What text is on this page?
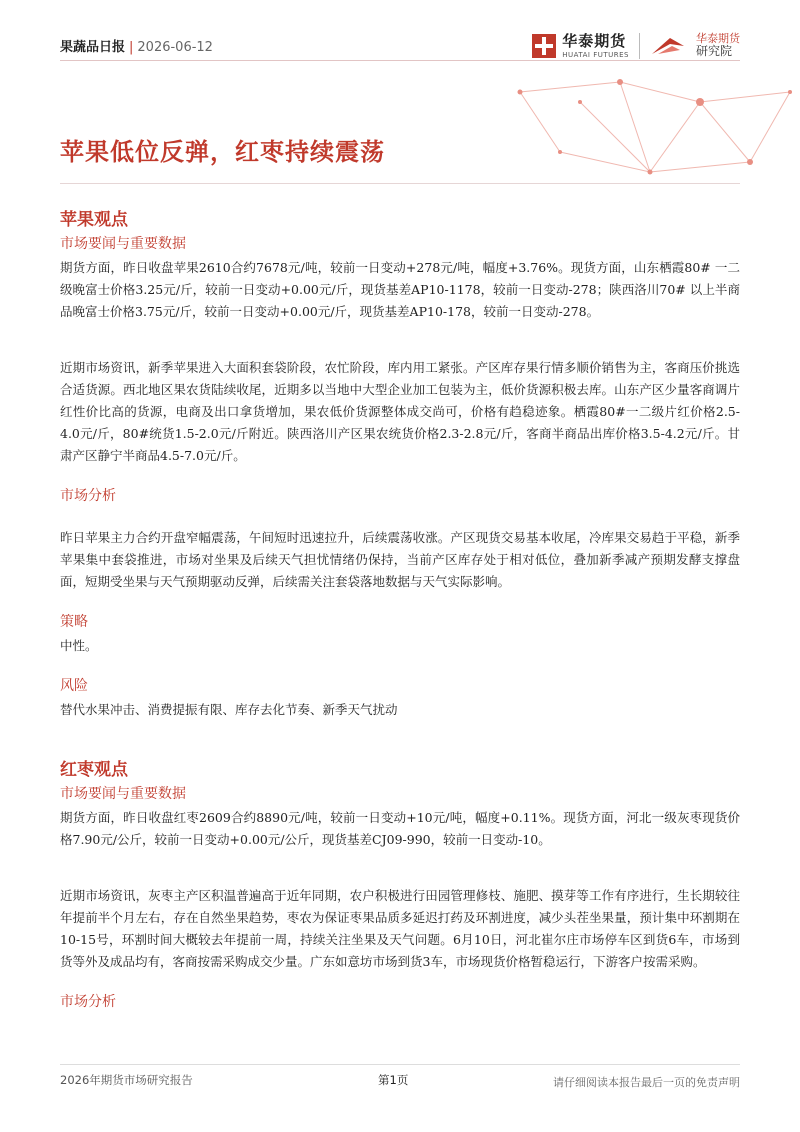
果蔬品日报 | 2026-06-12	华泰期货
HUATAI FUTURES
华泰期货
研究院
苹果低位反弹，红枣持续震荡
苹果观点
市场要闻与重要数据

期货方面，昨日收盘苹果2610合约7678元/吨，较前一日变动+278元/吨，幅度+3.76%。现货方面，山东栖霞80# 一二级晚富士价格3.25元/斤，较前一日变动+0.00元/斤，现货基差AP10-1178，较前一日变动-278；陕西洛川70# 以上半商品晚富士价格3.75元/斤，较前一日变动+0.00元/斤，现货基差AP10-178，较前一日变动-278。

近期市场资讯，新季苹果进入大面积套袋阶段，农忙阶段，库内用工紧张。产区库存果行情多顺价销售为主，客商压价挑选合适货源。西北地区果农货陆续收尾，近期多以当地中大型企业加工包装为主，低价货源积极去库。山东产区少量客商调片红性价比高的货源，电商及出口拿货增加，果农低价货源整体成交尚可，价格有趋稳迹象。栖霞80#一二级片红价格2.5-4.0元/斤，80#统货1.5-2.0元/斤附近。陕西洛川产区果农统货价格2.3-2.8元/斤，客商半商品出库价格3.5-4.2元/斤。甘肃产区静宁半商品4.5-7.0元/斤。

市场分析

昨日苹果主力合约开盘窄幅震荡，午间短时迅速拉升，后续震荡收涨。产区现货交易基本收尾，冷库果交易趋于平稳，新季苹果集中套袋推进，市场对坐果及后续天气担忧情绪仍保持，当前产区库存处于相对低位，叠加新季减产预期发酵支撑盘面，短期受坐果与天气预期驱动反弹，后续需关注套袋落地数据与天气实际影响。

策略

中性。

风险

替代水果冲击、消费提振有限、库存去化节奏、新季天气扰动

红枣观点
市场要闻与重要数据

期货方面，昨日收盘红枣2609合约8890元/吨，较前一日变动+10元/吨，幅度+0.11%。现货方面，河北一级灰枣现货价格7.90元/公斤，较前一日变动+0.00元/公斤，现货基差CJ09-990，较前一日变动-10。

近期市场资讯，灰枣主产区积温普遍高于近年同期，农户积极进行田园管理修枝、施肥、摸芽等工作有序进行，生长期较往年提前半个月左右，存在自然坐果趋势，枣农为保证枣果品质多延迟打药及环割进度，减少头茬坐果量，预计集中环割期在10-15号，环割时间大概较去年提前一周，持续关注坐果及天气问题。6月10日，河北崔尔庄市场停车区到货6车，市场到货等外及成品均有，客商按需采购成交少量。广东如意坊市场到货3车，市场现货价格暂稳运行，下游客户按需采购。

市场分析
2026年期货市场研究报告	第1页	请仔细阅读本报告最后一页的免责声明
